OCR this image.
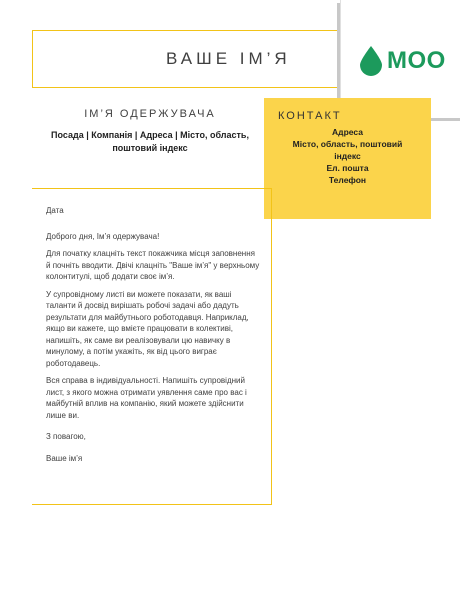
ВАШЕ ІМ’Я	MOO
ІМ’Я ОДЕРЖУВАЧА
Посада | Компанія | Адреса | Місто, область,
поштовий індекс
КОНТАКТ
Адреса
Місто, область, поштовий
індекс
Ел. пошта
Телефон

Дата

Доброго дня, Ім’я одержувача!

Для початку клацніть текст покажчика місця заповнення й почніть вводити. Двічі клацніть "Ваше ім’я" у верхньому колонтитулі, щоб додати своє ім’я.

У супровідному листі ви можете показати, як ваші таланти й досвід вирішать робочі задачі або дадуть результати для майбутнього роботодавця. Наприклад, якщо ви кажете, що вмієте працювати в колективі, напишіть, як саме ви реалізовували цю навичку в минулому, а потім укажіть, як від цього виграє роботодавець.

Вся справа в індивідуальності. Напишіть супровідний лист, з якого можна отримати уявлення саме про вас і майбутній вплив на компанію, який можете здійснити лише ви.

З повагою,

Ваше ім’я
